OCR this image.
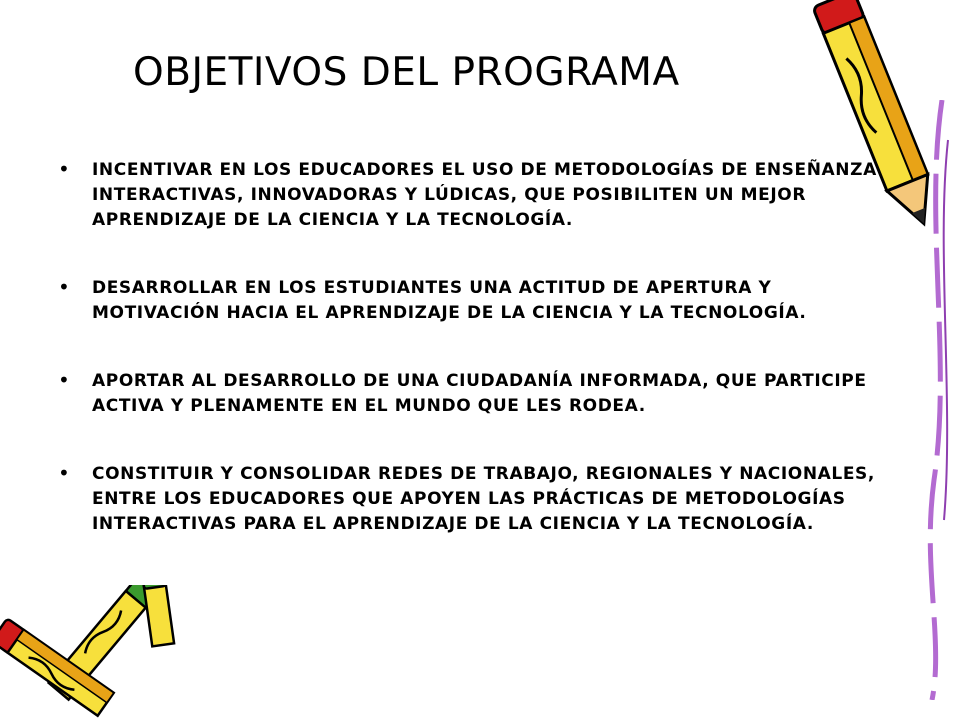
OBJETIVOS DEL PROGRAMA
• INCENTIVAR EN LOS EDUCADORES EL USO DE METODOLOGÍAS DE ENSEÑANZA INTERACTIVAS, INNOVADORAS Y LÚDICAS, QUE POSIBILITEN UN MEJOR APRENDIZAJE DE LA CIENCIA Y LA TECNOLOGÍA.
• DESARROLLAR EN LOS ESTUDIANTES UNA ACTITUD DE APERTURA Y MOTIVACIÓN HACIA EL APRENDIZAJE DE LA CIENCIA Y LA TECNOLOGÍA.
• APORTAR AL DESARROLLO DE UNA CIUDADANÍA INFORMADA, QUE PARTICIPE ACTIVA Y PLENAMENTE EN EL MUNDO QUE LES RODEA.
• CONSTITUIR Y CONSOLIDAR REDES DE TRABAJO, REGIONALES Y NACIONALES, ENTRE LOS EDUCADORES QUE APOYEN LAS PRÁCTICAS DE METODOLOGÍAS INTERACTIVAS PARA EL APRENDIZAJE DE LA CIENCIA Y LA TECNOLOGÍA.
